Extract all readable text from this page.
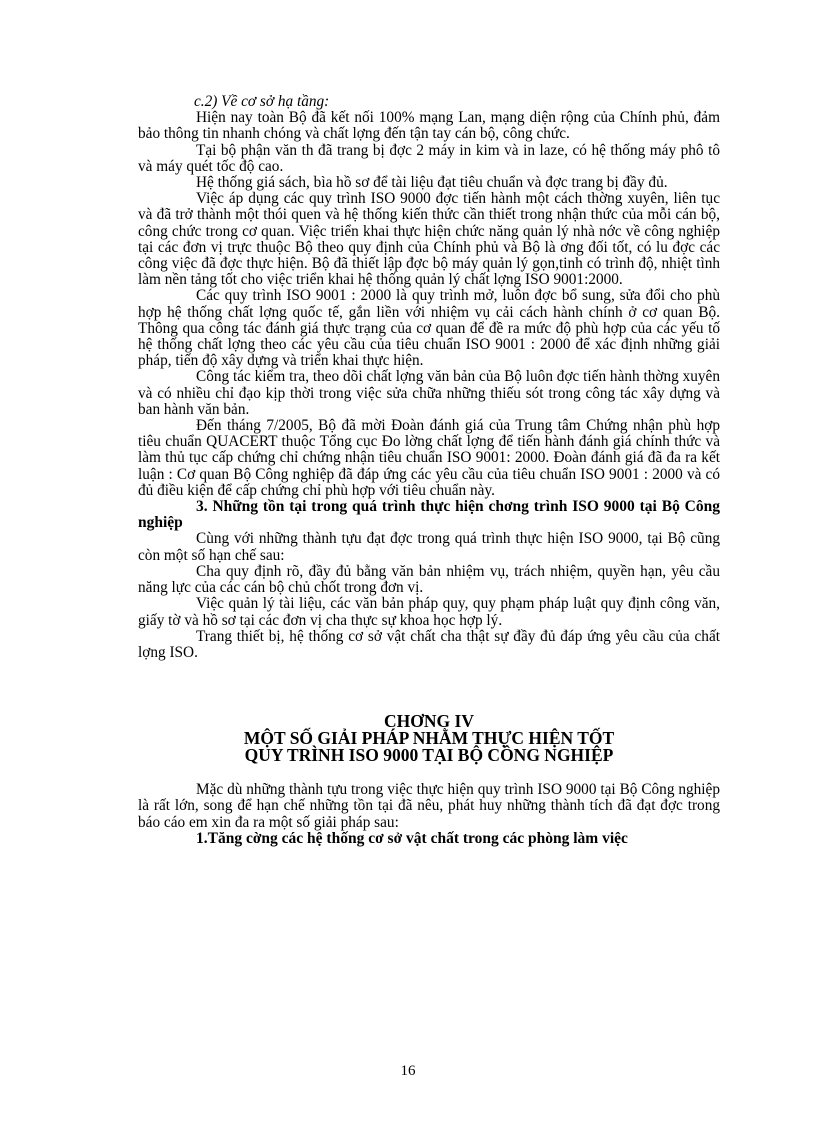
c.2) Về cơ sở hạ tầng:

Hiện nay toàn Bộ đã kết nối 100% mạng Lan, mạng diện rộng của Chính phủ, đảm bảo thông tin nhanh chóng và chất lợng đến tận tay cán bộ, công chức.

Tại bộ phận văn th đã trang bị đợc 2 máy in kim và in laze, có hệ thống máy phô tô và máy quét tốc độ cao.

Hệ thống giá sách, bìa hồ sơ để tài liệu đạt tiêu chuẩn và đợc trang bị đầy đủ.

Việc áp dụng các quy trình ISO 9000 đợc tiến hành một cách thờng xuyên, liên tục và đã trở thành một thói quen và hệ thống kiến thức cần thiết trong nhận thức của mỗi cán bộ, công chức trong cơ quan. Việc triển khai thực hiện chức năng quản lý nhà nớc về công nghiệp tại các đơn vị trực thuộc Bộ theo quy định của Chính phủ và Bộ là ơng đối tốt, có lu đợc các công việc đã đợc thực hiện. Bộ đã thiết lập đợc bộ máy quản lý gọn,tinh có trình độ, nhiệt tình làm nền tảng tốt cho việc triển khai hệ thống quản lý chất lợng ISO 9001:2000.

Các quy trình ISO 9001 : 2000 là quy trình mở, luôn đợc bổ sung, sửa đổi cho phù hợp hệ thống chất lợng quốc tế, gắn liền với nhiệm vụ cải cách hành chính ở cơ quan Bộ. Thông qua công tác đánh giá thực trạng của cơ quan để đề ra mức độ phù hợp của các yếu tố hệ thống chất lợng theo các yêu cầu của tiêu chuẩn ISO 9001 : 2000 để xác định những giải pháp, tiến độ xây dựng và triển khai thực hiện.

Công tác kiểm tra, theo dõi chất lợng văn bản của Bộ luôn đợc tiến hành thờng xuyên và có nhiều chỉ đạo kịp thời trong việc sửa chữa những thiếu sót trong công tác xây dựng và ban hành văn bản.

Đến tháng 7/2005, Bộ đã mời Đoàn đánh giá của Trung tâm Chứng nhận phù hợp tiêu chuẩn QUACERT thuộc Tổng cục Đo lờng chất lợng để tiến hành đánh giá chính thức và làm thủ tục cấp chứng chỉ chứng nhận tiêu chuẩn ISO 9001: 2000. Đoàn đánh giá đã đa ra kết luận : Cơ quan Bộ Công nghiệp đã đáp ứng các yêu cầu của tiêu chuẩn ISO 9001 : 2000 và có đủ điều kiện để cấp chứng chỉ phù hợp với tiêu chuẩn này.

3. Những tồn tại trong quá trình thực hiện chơng trình ISO 9000 tại Bộ Công nghiệp

Cùng với những thành tựu đạt đợc trong quá trình thực hiện ISO 9000, tại Bộ cũng còn một số hạn chế sau:

Cha quy định rõ, đầy đủ bằng văn bản nhiệm vụ, trách nhiệm, quyền hạn, yêu cầu năng lực của các cán bộ chủ chốt trong đơn vị.

Việc quản lý tài liệu, các văn bản pháp quy, quy phạm pháp luật quy định công văn, giấy tờ và hồ sơ tại các đơn vị cha thực sự khoa học hợp lý.

Trang thiết bị, hệ thống cơ sở vật chất cha thật sự đầy đủ đáp ứng yêu cầu của chất lợng ISO.

CHƠNG IV
MỘT SỐ GIẢI PHÁP NHẰM THỰC HIỆN TỐT
QUY TRÌNH ISO 9000 TẠI BỘ CÔNG NGHIỆP

Mặc dù những thành tựu trong việc thực hiện quy trình ISO 9000 tại Bộ Công nghiệp là rất lớn, song để hạn chế những tồn tại đã nêu, phát huy những thành tích đã đạt đợc trong báo cáo em xin đa ra một số giải pháp sau:

1.Tăng cờng các hệ thống cơ sở vật chất trong các phòng làm việc

16
